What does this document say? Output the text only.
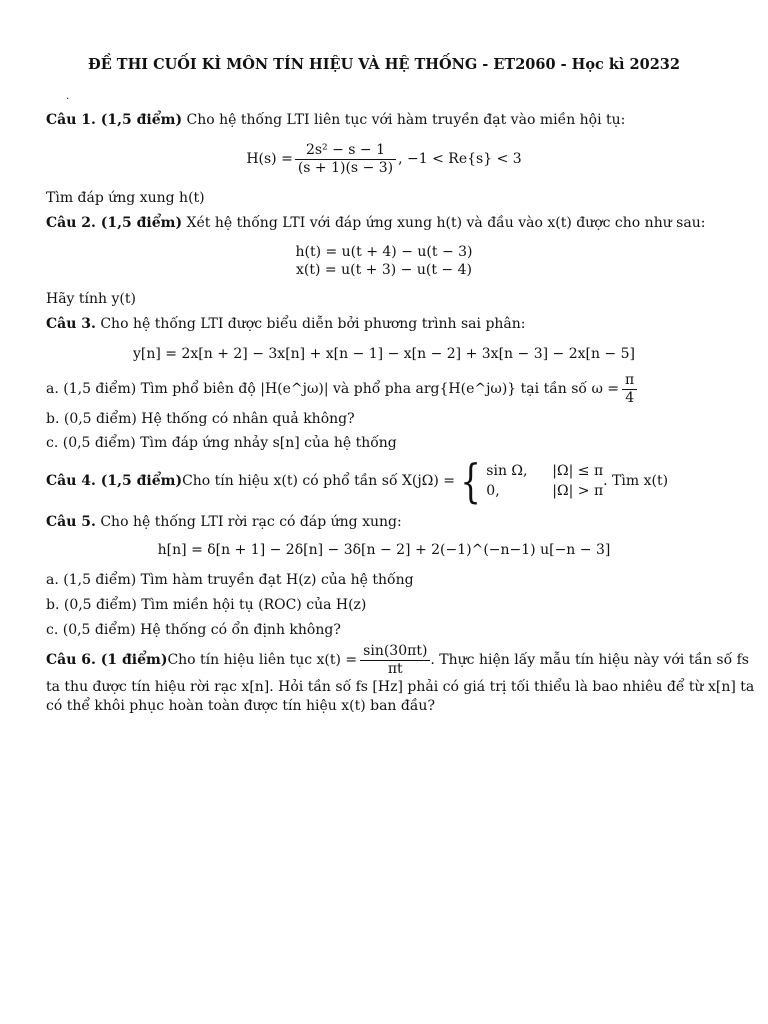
ĐỀ THI CUỐI KÌ MÔN TÍN HIỆU VÀ HỆ THỐNG - ET2060 - Học kì 20232
.
Câu 1. (1,5 điểm) Cho hệ thống LTI liên tục với hàm truyền đạt vào miền hội tụ:
$H(s) = \frac{\text{2s² − s − 1}}{(s + 1)(s - 3)}$ , −1 < Re{s} < 3
Tìm đáp ứng xung h(t)
Câu 2. (1,5 điểm) Xét hệ thống LTI với đáp ứng xung h(t) và đầu vào x(t) được cho như sau:
h(t) = u(t + 4) − u(t − 3)
x(t) = u(t + 3) − u(t − 4)
Hãy tính y(t)
Câu 3. Cho hệ thống LTI được biểu diễn bởi phương trình sai phân:
y[n] = 2x[n + 2] − 3x[n] + x[n − 1] − x[n − 2] + 3x[n − 3] − 2x[n − 5]
a. (1,5 điểm) Tìm phổ biên độ |H(e^jω)| và phổ pha arg{H(e^jω)} tại tần số $\omega = \frac{\pi}{4}$
b. (0,5 điểm) Hệ thống có nhân quả không?
c. (0,5 điểm) Tìm đáp ứng nhảy s[n] của hệ thống
Câu 4. (1,5 điểm) Cho tín hiệu x(t) có phổ tần số X(jΩ) = { sin Ω, |Ω| ≤ π
0,	|Ω| > π
. Tìm x(t)
Câu 5. Cho hệ thống LTI rời rạc có đáp ứng xung:
h[n] = δ[n + 1] − 2δ[n] − 3δ[n − 2] + 2(−1)^(−n−1) u[−n − 3]
a. (1,5 điểm) Tìm hàm truyền đạt H(z) của hệ thống
b. (0,5 điểm) Tìm miền hội tụ (ROC) của H(z)
c. (0,5 điểm) Hệ thống có ổn định không?
Câu 6. (1 điểm) Cho tín hiệu liên tục $x(t) = \frac{\sin(30\pi t)}{\pi t}$ . Thực hiện lấy mẫu tín hiệu này với tần số fs
ta thu được tín hiệu rời rạc x[n]. Hỏi tần số fs [Hz] phải có giá trị tối thiểu là bao nhiêu để từ x[n] ta
có thể khôi phục hoàn toàn được tín hiệu x(t) ban đầu?
